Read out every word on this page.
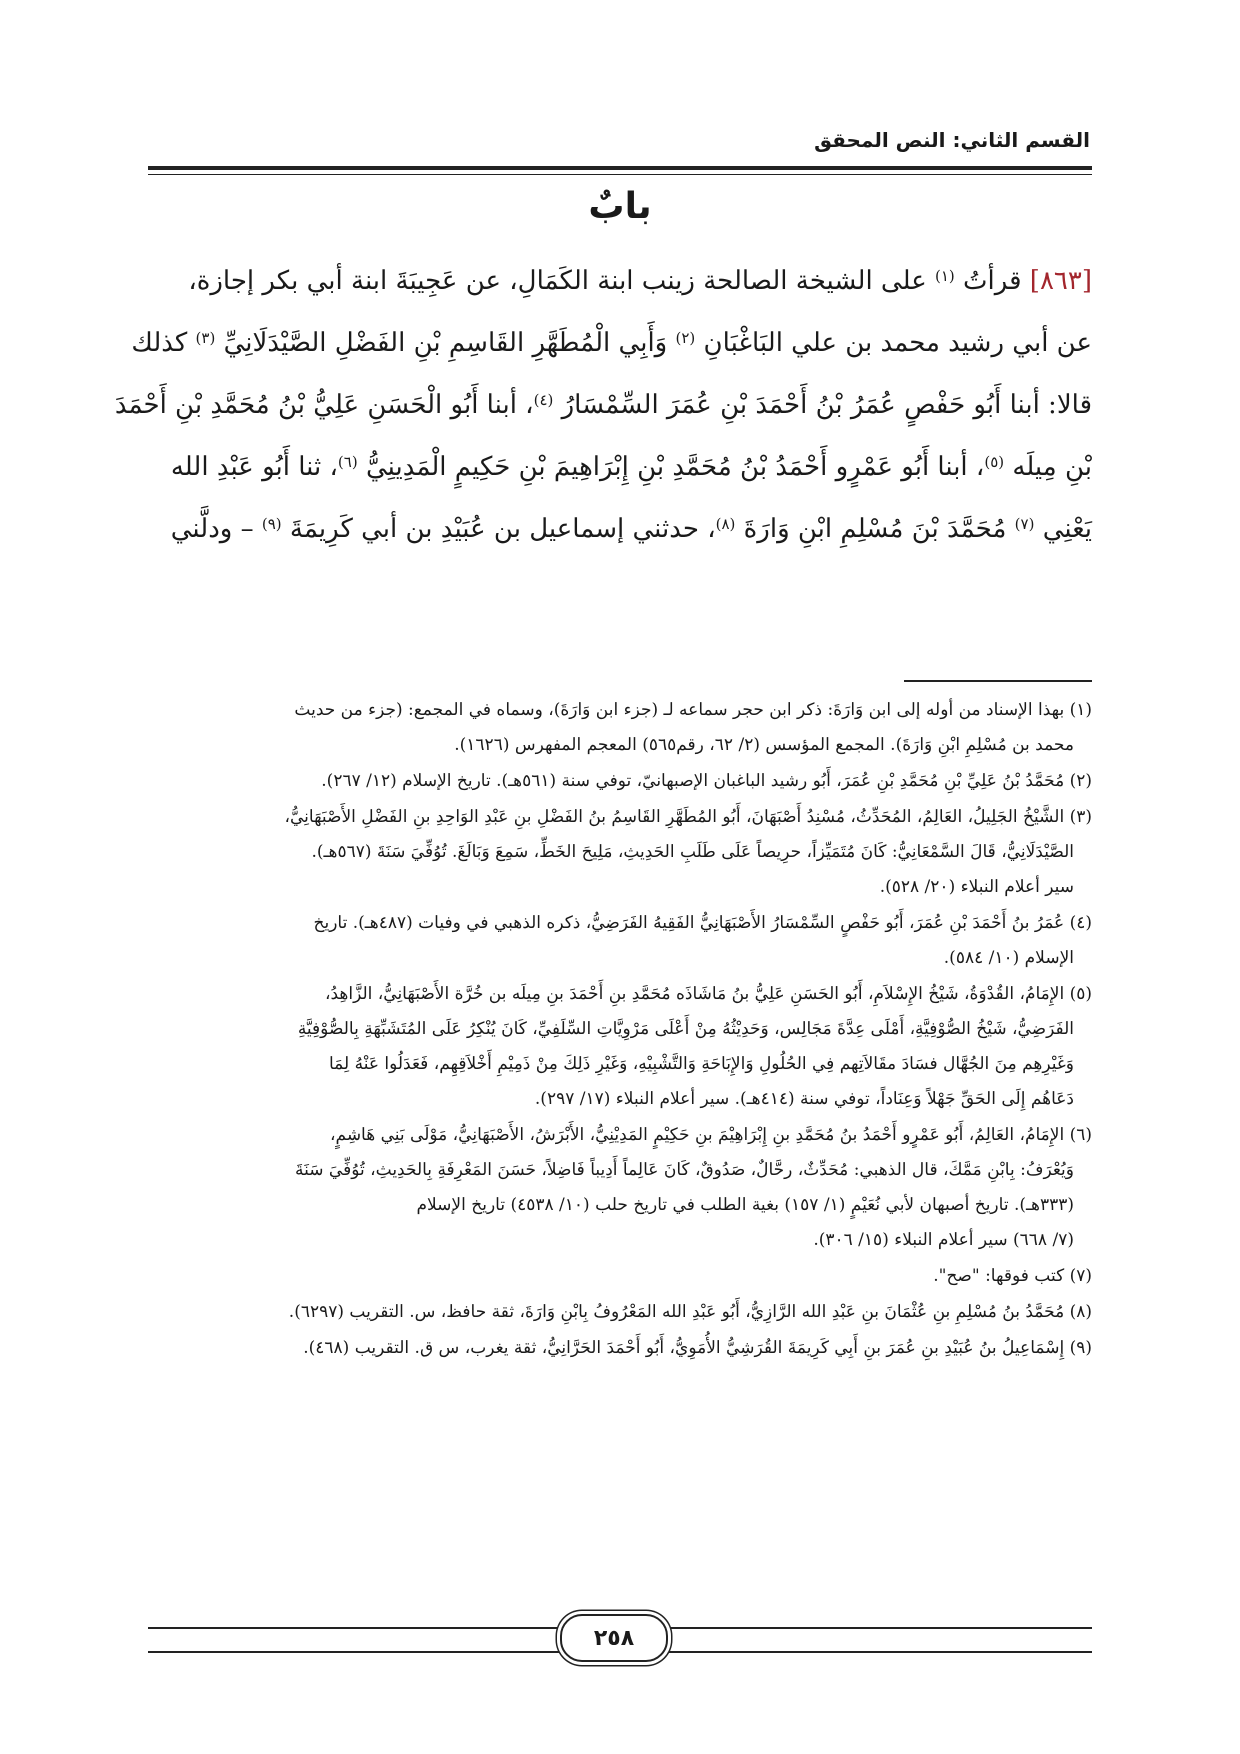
القسم الثاني: النص المحقق
بابٌ
[٨٦٣] قرأتُ $^{(١)}$ على الشيخة الصالحة زينب ابنة الكَمَالِ، عن عَجِيبَةَ ابنة أبي بكر إجازة،
عن أبي رشيد محمد بن علي البَاغْبَانِ $^{(٢)}$ وَأَبِي الْمُطَهَّرِ القَاسِمِ بْنِ الفَضْلِ الصَّيْدَلَانِيِّ $^{(٣)}$ كذلك
قالا: أبنا أَبُو حَفْصٍ عُمَرُ بْنُ أَحْمَدَ بْنِ عُمَرَ السِّمْسَارُ $^{(٤)}$، أبنا أَبُو الْحَسَنِ عَلِيُّ بْنُ مُحَمَّدِ بْنِ أَحْمَدَ
بْنِ مِيلَه $^{(٥)}$، أبنا أَبُو عَمْرٍو أَحْمَدُ بْنُ مُحَمَّدِ بْنِ إِبْرَاهِيمَ بْنِ حَكِيمٍ الْمَدِينِيُّ $^{(٦)}$، ثنا أَبُو عَبْدِ الله
يَعْنِي $^{(٧)}$ مُحَمَّدَ بْنَ مُسْلِمِ ابْنِ وَارَةَ $^{(٨)}$، حدثني إسماعيل بن عُبَيْدِ بن أبي كَرِيمَةَ $^{(٩)}$ – ودلَّني
(١) بهذا الإسناد من أوله إلى ابن وَارَةَ: ذكر ابن حجر سماعه لـ (جزء ابن وَارَةَ)، وسماه في المجمع: (جزء من حديث
محمد بن مُسْلِمِ ابْنِ وَارَةَ). المجمع المؤسس (٢/ ٦٢، رقم٥٦٥) المعجم المفهرس (١٦٢٦).
(٢) مُحَمَّدُ بْنُ عَلِيِّ بْنِ مُحَمَّدِ بْنِ عُمَرَ، أَبُو رشيد الباغبان الإصبهانيّ، توفي سنة (٥٦١هـ). تاريخ الإسلام (١٢/ ٢٦٧).
(٣) الشَّيْخُ الجَلِيلُ، العَالِمُ، المُحَدِّثُ، مُسْنِدُ أَصْبَهَانَ، أَبُو المُطَهَّرِ القَاسِمُ بنُ الفَضْلِ بنِ عَبْدِ الوَاحِدِ بنِ الفَضْلِ الأَصْبَهَانِيُّ،
الصَّيْدَلَانِيُّ، قَالَ السَّمْعَانِيُّ: كَانَ مُتَمَيِّزاً، حرِيصاً عَلَى طَلَبِ الحَدِيثِ، مَلِيحَ الخَطِّ، سَمِعَ وَبَالَغَ. تُوُفِّيَ سَنَةَ (٥٦٧هـ).
سير أعلام النبلاء (٢٠/ ٥٢٨).
(٤) عُمَرُ بنُ أَحْمَدَ بْنِ عُمَرَ، أَبُو حَفْصٍ السِّمْسَارُ الأَصْبَهَانِيُّ الفَقِيهُ الفَرَضِيُّ، ذكره الذهبي في وفيات (٤٨٧هـ). تاريخ
الإسلام (١٠/ ٥٨٤).
(٥) الإِمَامُ، القُدْوَةُ، شَيْخُ الإِسْلاَمِ، أَبُو الحَسَنِ عَلِيُّ بنُ مَاشَاذَه مُحَمَّدِ بنِ أَحْمَدَ بنِ مِيلَه بن خُرَّة الأَصْبَهَانِيُّ، الزَّاهِدُ،
الفَرَضِيُّ، شَيْخُ الصُّوْفِيَّةِ، أَمْلَى عِدَّةَ مَجَالِس، وَحَدِيْثُهُ مِنْ أَعْلَى مَرْوِيَّاتِ السِّلَفِيِّ، كَانَ يُنْكِرُ عَلَى المُتَشَبِّهَةِ بِالصُّوْفِيَّةِ
وَغَيْرِهِم مِنَ الجُهَّال فسَادَ مقَالاَتِهم فِي الحُلُولِ وَالإِبَاحَةِ وَالتَّشْبِيْهِ، وَغَيْرِ ذَلِكَ مِنْ ذَمِيْمِ أَخْلاَقِهِم، فَعَدَلُوا عَنْهُ لِمَا
دَعَاهُم إِلَى الحَقِّ جَهْلاً وَعِنَاداً، توفي سنة (٤١٤هـ). سير أعلام النبلاء (١٧/ ٢٩٧).
(٦) الإِمَامُ، العَالِمُ، أَبُو عَمْرٍو أَحْمَدُ بنُ مُحَمَّدِ بنِ إِبْرَاهِيْمَ بنِ حَكِيْمٍ المَدِيْنِيُّ، الأَبْرَشُ، الأَصْبَهَانِيُّ، مَوْلَى بَنِي هَاشِمٍ،
وَيُعْرَفُ: بِابْنِ مَمَّكَ، قال الذهبي: مُحَدِّثٌ، رحَّالٌ، صَدُوقٌ، كَانَ عَالِماً أَدِيباً فَاضِلاً، حَسَنَ المَعْرِفَةِ بِالحَدِيثِ، تُوُفِّيَ سَنَةَ
(٣٣٣هـ). تاريخ أصبهان لأبي نُعَيْمٍ (١/ ١٥٧) بغية الطلب في تاريخ حلب (١٠/ ٤٥٣٨) تاريخ الإسلام
(٧/ ٦٦٨) سير أعلام النبلاء (١٥/ ٣٠٦).
(٧) كتب فوقها: "صح".
(٨) مُحَمَّدُ بنُ مُسْلِمِ بنِ عُثْمَانَ بنِ عَبْدِ الله الرَّازِيُّ، أَبُو عَبْدِ الله المَعْرُوفُ بِابْنِ وَارَةَ، ثقة حافظ، س. التقريب (٦٢٩٧).
(٩) إِسْمَاعِيلُ بنُ عُبَيْدِ بنِ عُمَرَ بنِ أَبِي كَرِيمَةَ القُرَشِيُّ الأُمَوِيُّ، أَبُو أَحْمَدَ الحَرَّانِيُّ، ثقة يغرب، س ق. التقريب (٤٦٨).
٢٥٨
